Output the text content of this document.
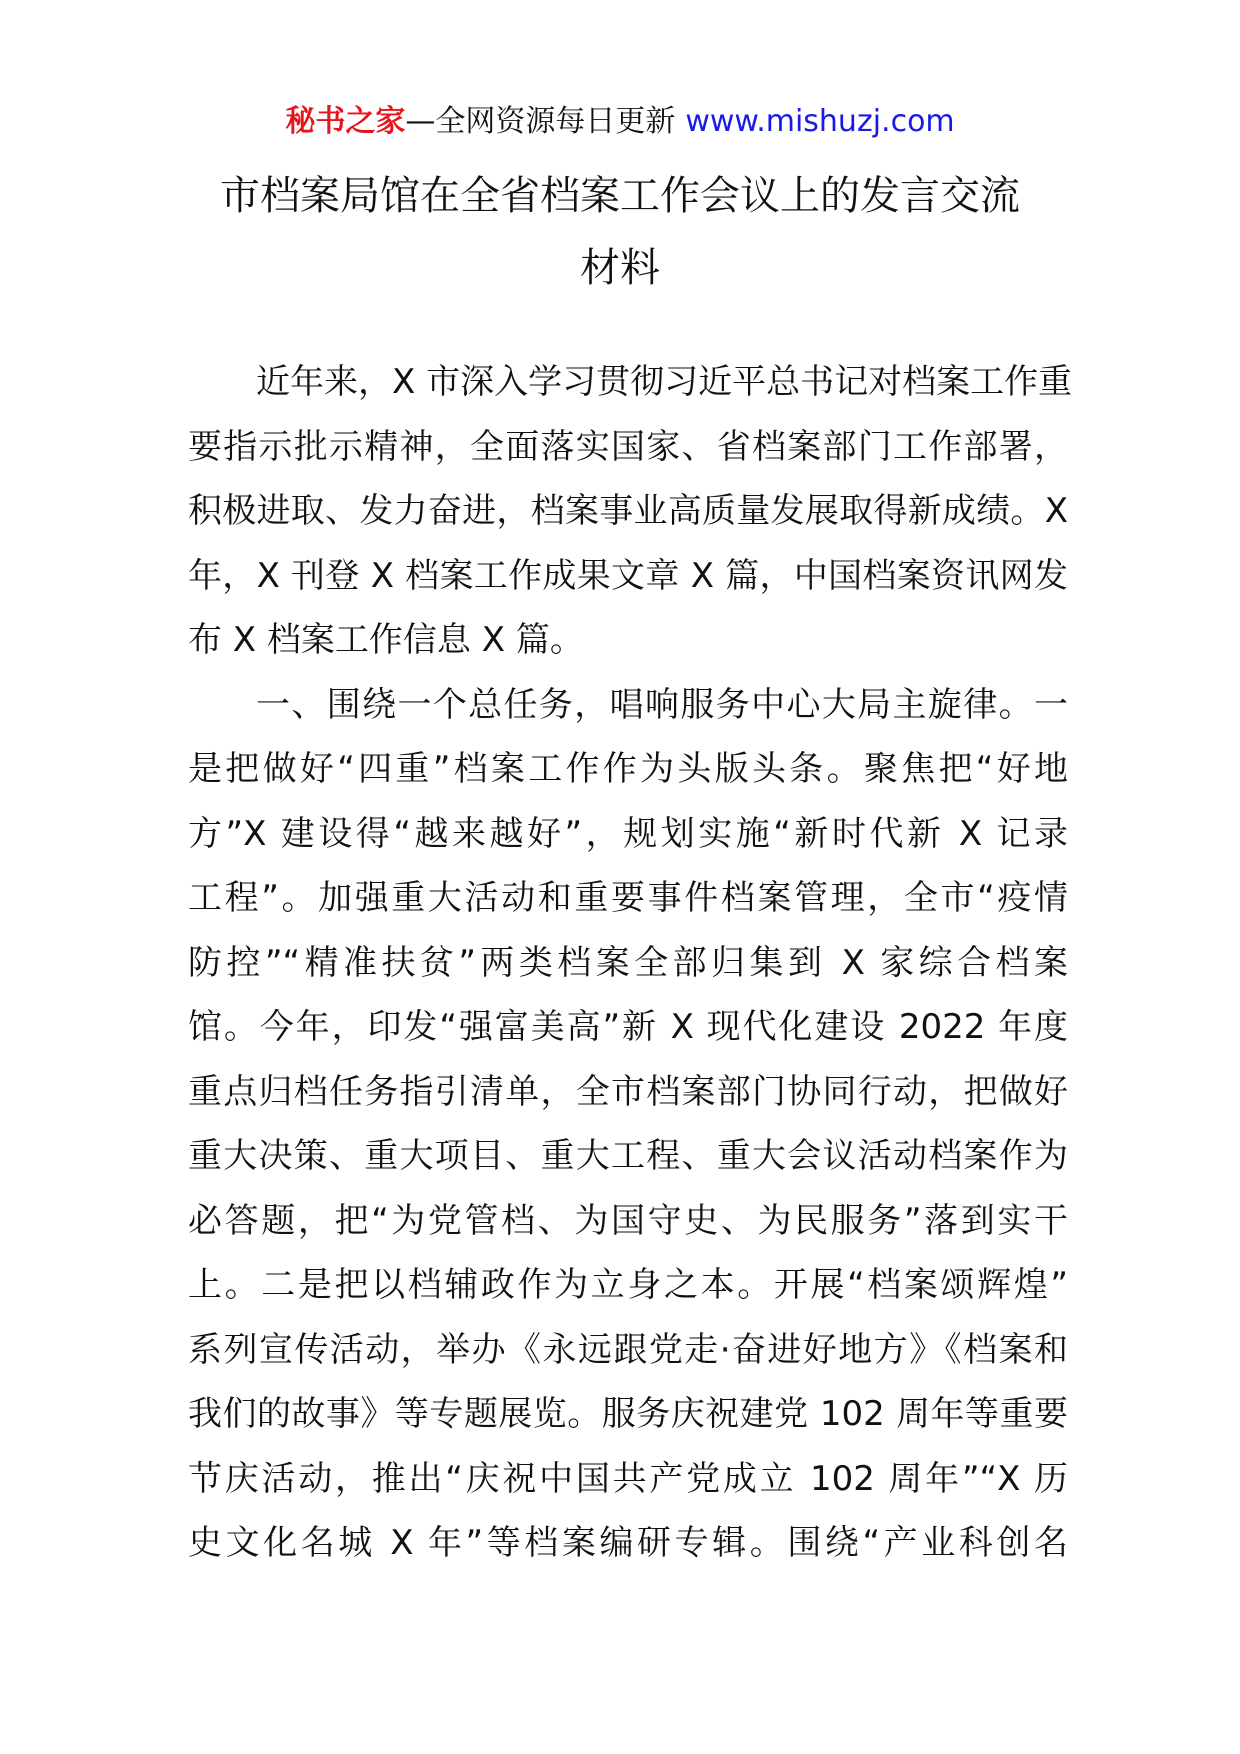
秘书之家—全网资源每日更新 www.mishuzj.com
市档案局馆在全省档案工作会议上的发言交流
材料
近年来，X 市深入学习贯彻习近平总书记对档案工作重
要指示批示精神，全面落实国家、省档案部门工作部署，
积极进取、发力奋进，档案事业高质量发展取得新成绩。X
年，X 刊登 X 档案工作成果文章 X 篇，中国档案资讯网发
布 X 档案工作信息 X 篇。
一、围绕一个总任务，唱响服务中心大局主旋律。一
是把做好“四重”档案工作作为头版头条。聚焦把“好地
方”X 建设得“越来越好”，规划实施“新时代新 X 记录
工程”。加强重大活动和重要事件档案管理，全市“疫情
防控”“精准扶贫”两类档案全部归集到 X 家综合档案
馆。今年，印发“强富美高”新 X 现代化建设 2022 年度
重点归档任务指引清单，全市档案部门协同行动，把做好
重大决策、重大项目、重大工程、重大会议活动档案作为
必答题，把“为党管档、为国守史、为民服务”落到实干
上。二是把以档辅政作为立身之本。开展“档案颂辉煌”
系列宣传活动，举办《永远跟党走·奋进好地方》《档案和
我们的故事》等专题展览。服务庆祝建党 102 周年等重要
节庆活动，推出“庆祝中国共产党成立 102 周年”“X 历
史文化名城 X 年”等档案编研专辑。围绕“产业科创名
